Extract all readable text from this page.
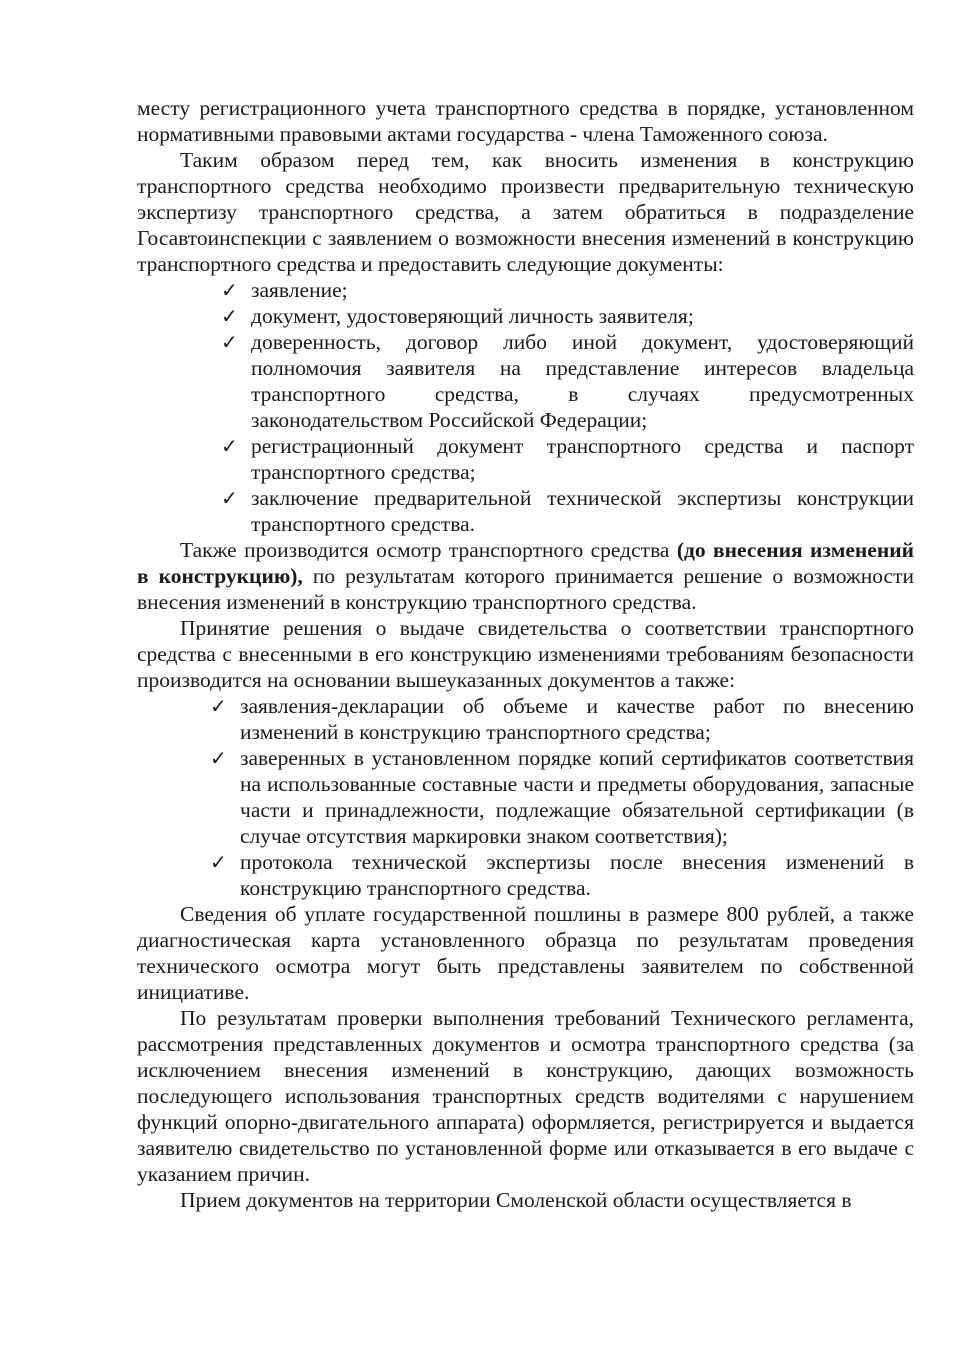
месту регистрационного учета транспортного средства в порядке, установленном нормативными правовыми актами государства - члена Таможенного союза.

Таким образом перед тем, как вносить изменения в конструкцию транспортного средства необходимо произвести предварительную техническую экспертизу транспортного средства, а затем обратиться в подразделение Госавтоинспекции с заявлением о возможности внесения изменений в конструкцию транспортного средства и предоставить следующие документы:

✓ заявление;
✓ документ, удостоверяющий личность заявителя;
✓ доверенность, договор либо иной документ, удостоверяющий полномочия заявителя на представление интересов владельца транспортного средства, в случаях предусмотренных законодательством Российской Федерации;
✓ регистрационный документ транспортного средства и паспорт транспортного средства;
✓ заключение предварительной технической экспертизы конструкции транспортного средства.

Также производится осмотр транспортного средства (до внесения изменений в конструкцию), по результатам которого принимается решение о возможности внесения изменений в конструкцию транспортного средства.

Принятие решения о выдаче свидетельства о соответствии транспортного средства с внесенными в его конструкцию изменениями требованиям безопасности производится на основании вышеуказанных документов а также:

✓ заявления-декларации об объеме и качестве работ по внесению изменений в конструкцию транспортного средства;
✓ заверенных в установленном порядке копий сертификатов соответствия на использованные составные части и предметы оборудования, запасные части и принадлежности, подлежащие обязательной сертификации (в случае отсутствия маркировки знаком соответствия);
✓ протокола технической экспертизы после внесения изменений в конструкцию транспортного средства.

Сведения об уплате государственной пошлины в размере 800 рублей, а также диагностическая карта установленного образца по результатам проведения технического осмотра могут быть представлены заявителем по собственной инициативе.

По результатам проверки выполнения требований Технического регламента, рассмотрения представленных документов и осмотра транспортного средства (за исключением внесения изменений в конструкцию, дающих возможность последующего использования транспортных средств водителями с нарушением функций опорно-двигательного аппарата) оформляется, регистрируется и выдается заявителю свидетельство по установленной форме или отказывается в его выдаче с указанием причин.

Прием документов на территории Смоленской области осуществляется в
